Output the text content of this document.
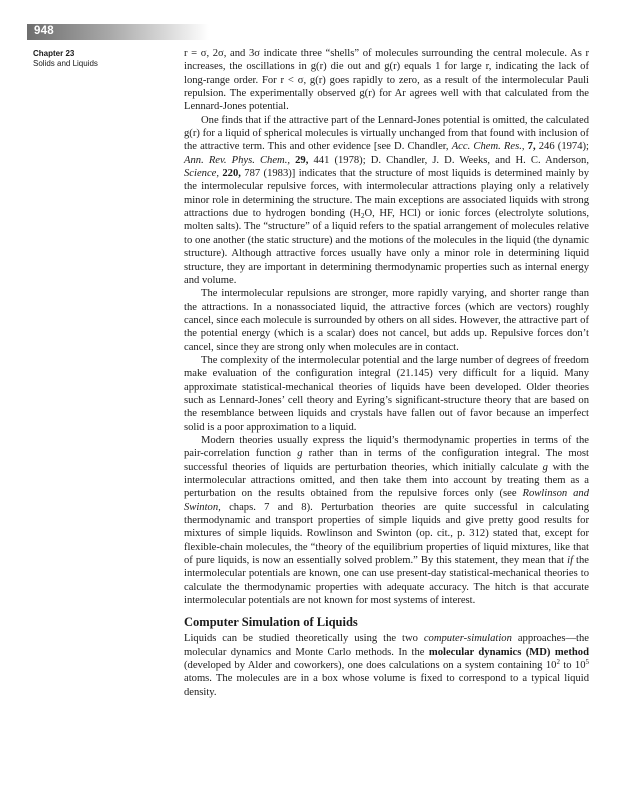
948
Chapter 23
Solids and Liquids

r = σ, 2σ, and 3σ indicate three “shells” of molecules surrounding the central molecule. As r increases, the oscillations in g(r) die out and g(r) equals 1 for large r, indicating the lack of long-range order. For r < σ, g(r) goes rapidly to zero, as a result of the intermolecular Pauli repulsion. The experimentally observed g(r) for Ar agrees well with that calculated from the Lennard-Jones potential.

One finds that if the attractive part of the Lennard-Jones potential is omitted, the calculated g(r) for a liquid of spherical molecules is virtually unchanged from that found with inclusion of the attractive term. This and other evidence [see D. Chandler, Acc. Chem. Res., 7, 246 (1974); Ann. Rev. Phys. Chem., 29, 441 (1978); D. Chandler, J. D. Weeks, and H. C. Anderson, Science, 220, 787 (1983)] indicates that the structure of most liquids is determined mainly by the intermolecular repulsive forces, with intermolecular attractions playing only a relatively minor role in determining the structure. The main exceptions are associated liquids with strong attractions due to hydrogen bonding ($H_2O$, HF, HCl) or ionic forces (electrolyte solutions, molten salts). The “structure” of a liquid refers to the spatial arrangement of molecules relative to one another (the static structure) and the motions of the molecules in the liquid (the dynamic structure). Although attractive forces usually have only a minor role in determining liquid structure, they are important in determining thermodynamic properties such as internal energy and volume.

The intermolecular repulsions are stronger, more rapidly varying, and shorter range than the attractions. In a nonassociated liquid, the attractive forces (which are vectors) roughly cancel, since each molecule is surrounded by others on all sides. However, the attractive part of the potential energy (which is a scalar) does not cancel, but adds up. Repulsive forces don’t cancel, since they are strong only when molecules are in contact.

The complexity of the intermolecular potential and the large number of degrees of freedom make evaluation of the configuration integral (21.145) very difficult for a liquid. Many approximate statistical-mechanical theories of liquids have been developed. Older theories such as Lennard-Jones’ cell theory and Eyring’s significant-structure theory that are based on the resemblance between liquids and crystals have fallen out of favor because an imperfect solid is a poor approximation to a liquid.

Modern theories usually express the liquid’s thermodynamic properties in terms of the pair-correlation function g rather than in terms of the configuration integral. The most successful theories of liquids are perturbation theories, which initially calculate g with the intermolecular attractions omitted, and then take them into account by treating them as a perturbation on the results obtained from the repulsive forces only (see Rowlinson and Swinton, chaps. 7 and 8). Perturbation theories are quite successful in calculating thermodynamic and transport properties of simple liquids and give pretty good results for mixtures of simple liquids. Rowlinson and Swinton (op. cit., p. 312) stated that, except for flexible-chain molecules, the “theory of the equilibrium properties of liquid mixtures, like that of pure liquids, is now an essentially solved problem.” By this statement, they mean that if the intermolecular potentials are known, one can use present-day statistical-mechanical theories to calculate the thermodynamic properties with adequate accuracy. The hitch is that accurate intermolecular potentials are not known for most systems of interest.

Computer Simulation of Liquids

Liquids can be studied theoretically using the two computer-simulation approaches—the molecular dynamics and Monte Carlo methods. In the molecular dynamics (MD) method (developed by Alder and coworkers), one does calculations on a system containing $10^2$ to $10^5$ atoms. The molecules are in a box whose volume is fixed to correspond to a typical liquid density.
